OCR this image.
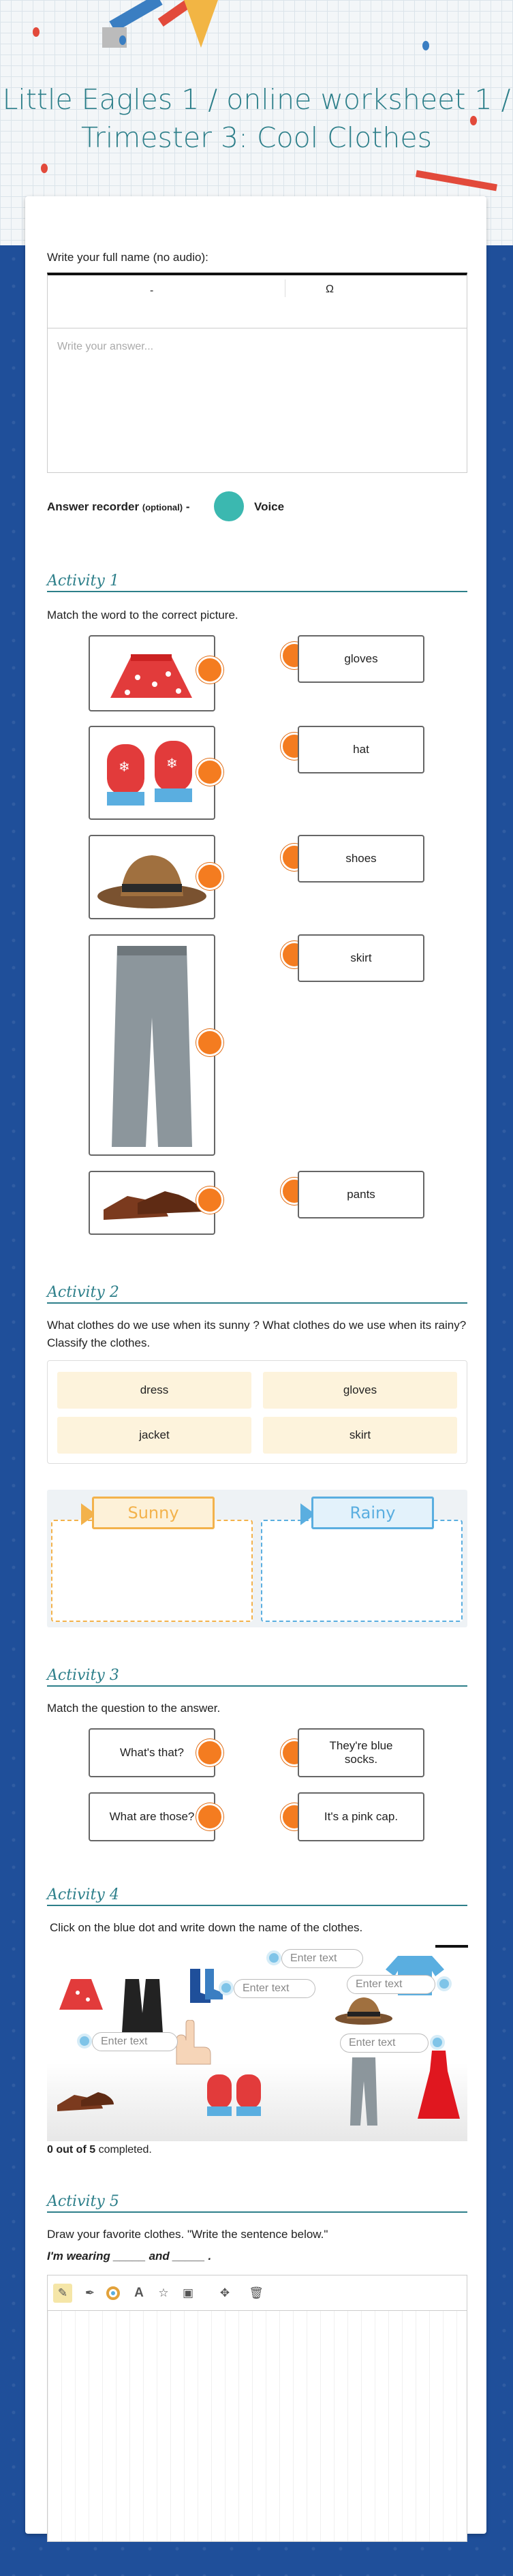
Little Eagles 1 / online worksheet 1 / Trimester 3: Cool Clothes
Write your full name (no audio):
-	Ω
Write your answer...
Answer recorder (optional) -	Voice
Activity 1
Match the word to the correct picture.
❄	❄
gloves
hat
shoes
skirt
pants
Activity 2
What clothes do we use when its sunny ? What clothes do we use when its rainy? Classify the clothes.
dress	gloves
jacket	skirt
Sunny	Rainy
Activity 3
Match the question to the answer.
What's that?
What are those?
They're blue socks.
It's a pink cap.
Activity 4
Click on the blue dot and write down the name of the clothes.
Enter text
Enter text	Enter text
Enter text	Enter text
0 out of 5 completed.
Activity 5
Draw your favorite clothes. "Write the sentence below."
I'm wearing _____ and _____ .
✎	✒	A	☆	▣	✥	🗑
